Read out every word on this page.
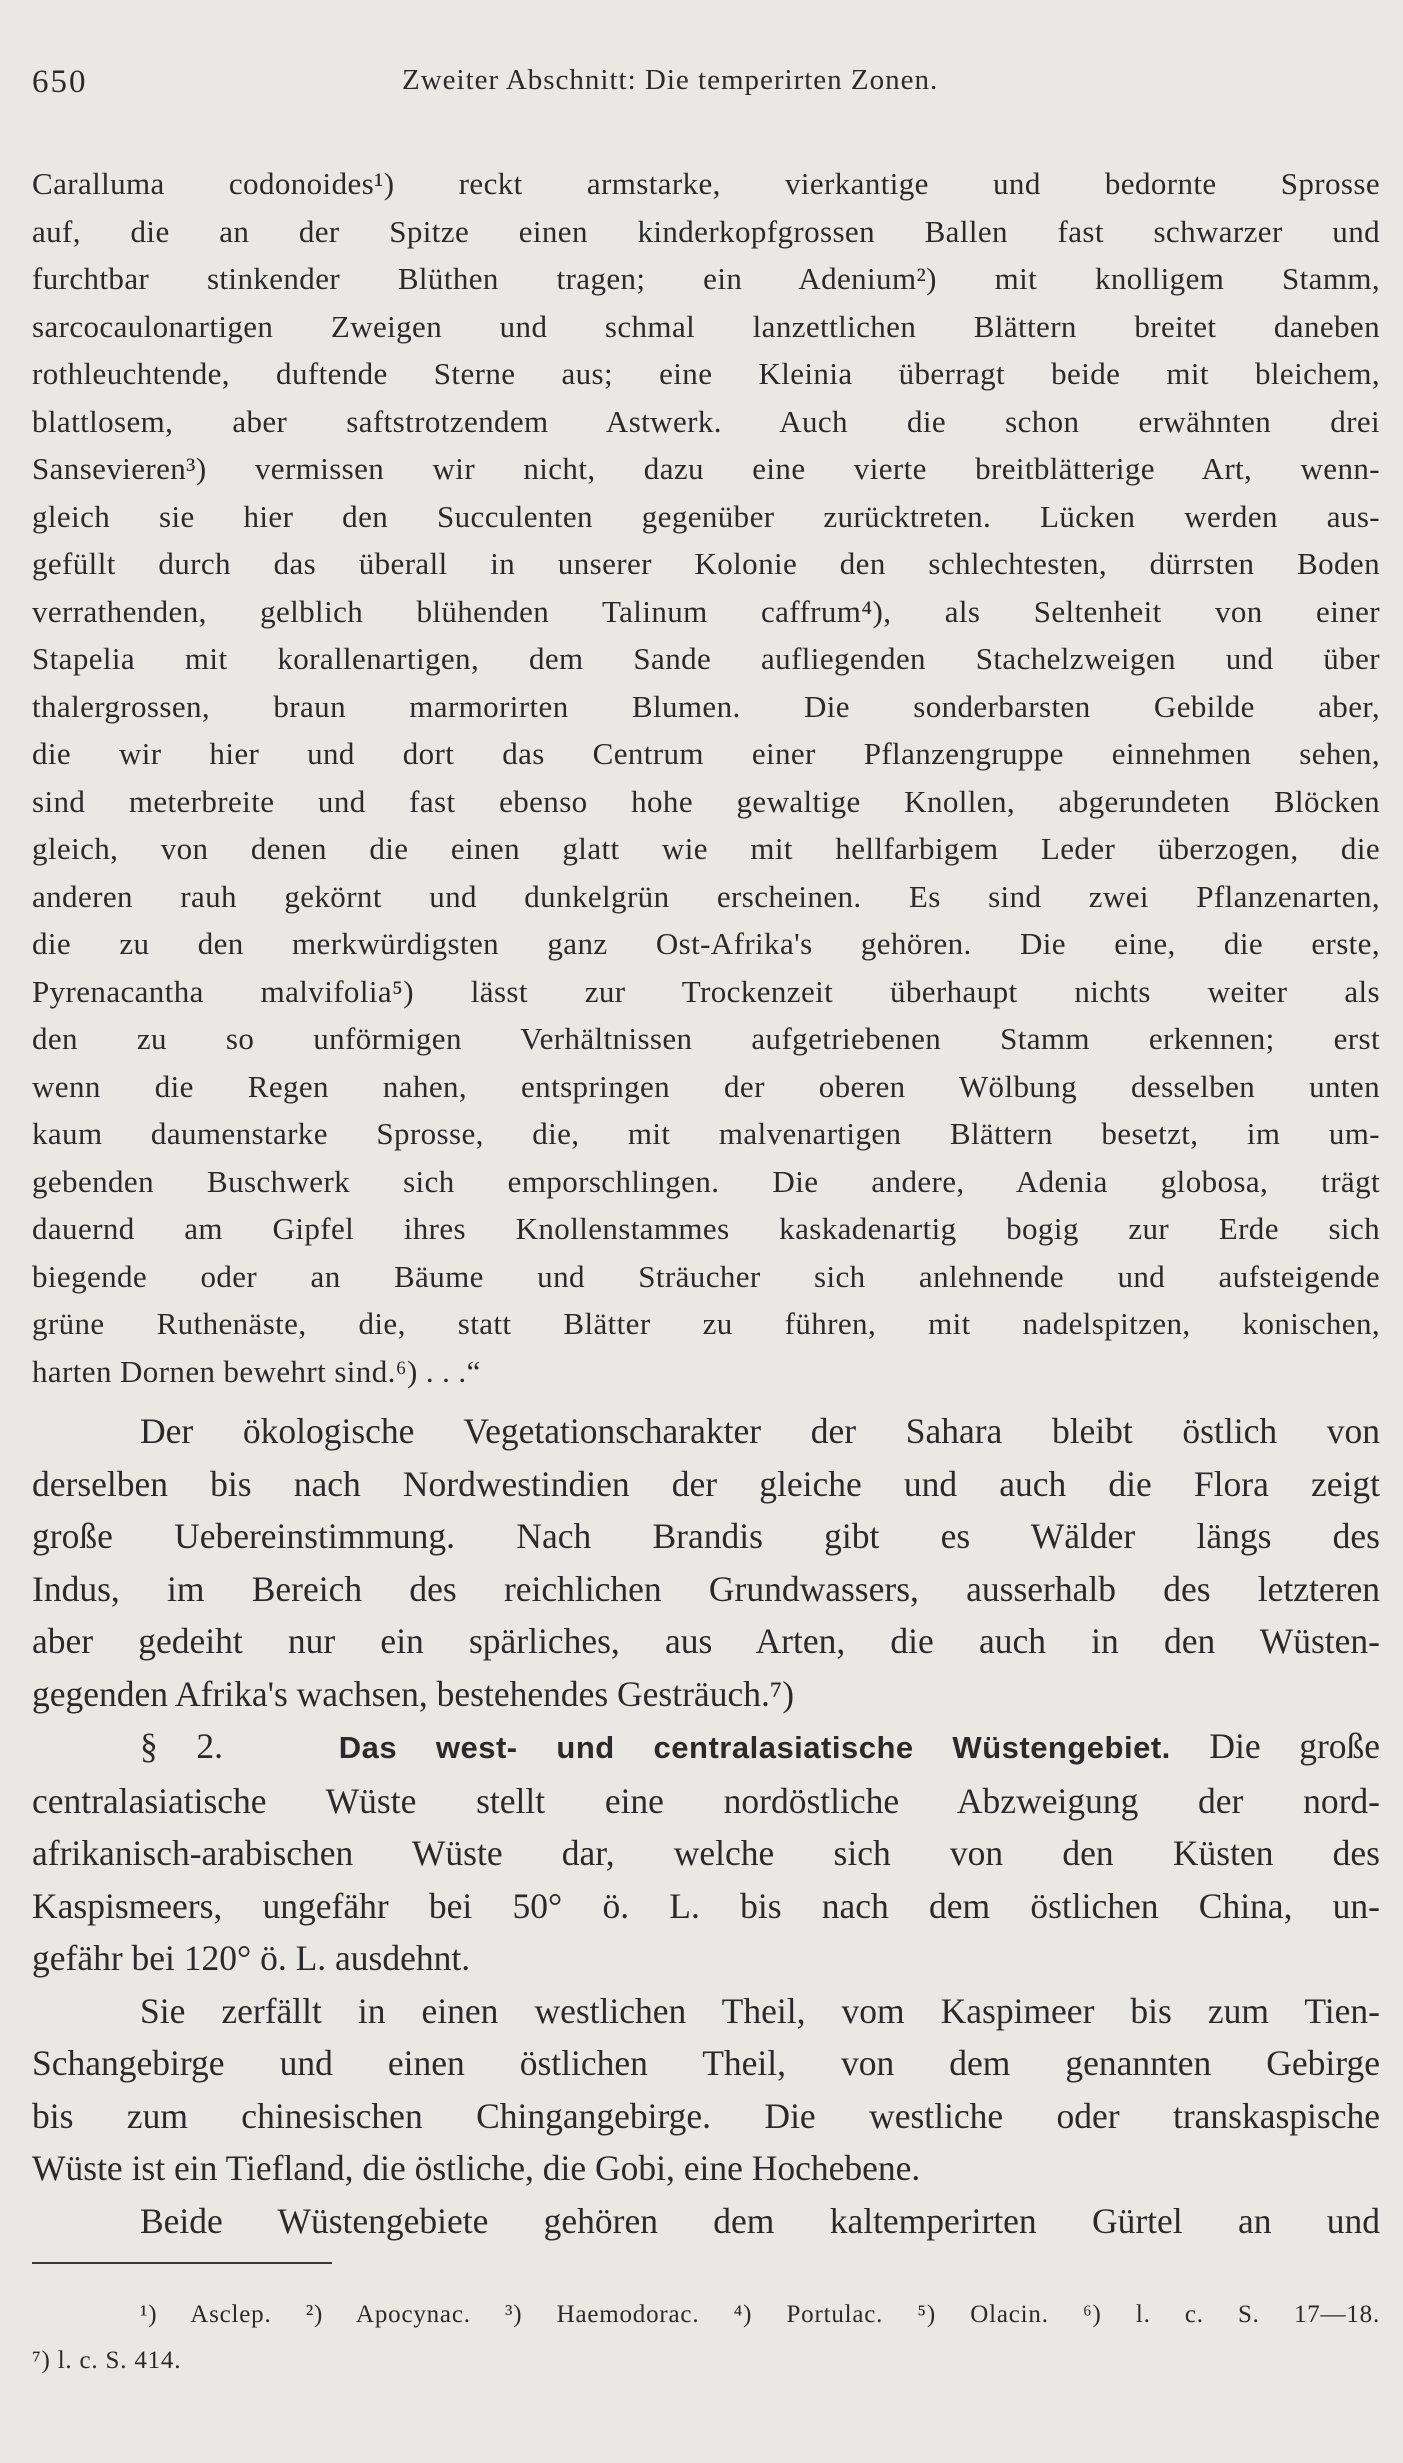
650	Zweiter Abschnitt: Die temperirten Zonen.
Caralluma codonoides¹) reckt armstarke, vierkantige und bedornte Sprosse
auf, die an der Spitze einen kinderkopfgrossen Ballen fast schwarzer und
furchtbar stinkender Blüthen tragen; ein Adenium²) mit knolligem Stamm,
sarcocaulonartigen Zweigen und schmal lanzettlichen Blättern breitet daneben
rothleuchtende, duftende Sterne aus; eine Kleinia überragt beide mit bleichem,
blattlosem, aber saftstrotzendem Astwerk. Auch die schon erwähnten drei
Sansevieren³) vermissen wir nicht, dazu eine vierte breitblätterige Art, wenn-
gleich sie hier den Succulenten gegenüber zurücktreten. Lücken werden aus-
gefüllt durch das überall in unserer Kolonie den schlechtesten, dürrsten Boden
verrathenden, gelblich blühenden Talinum caffrum⁴), als Seltenheit von einer
Stapelia mit korallenartigen, dem Sande aufliegenden Stachelzweigen und über
thalergrossen, braun marmorirten Blumen. Die sonderbarsten Gebilde aber,
die wir hier und dort das Centrum einer Pflanzengruppe einnehmen sehen,
sind meterbreite und fast ebenso hohe gewaltige Knollen, abgerundeten Blöcken
gleich, von denen die einen glatt wie mit hellfarbigem Leder überzogen, die
anderen rauh gekörnt und dunkelgrün erscheinen. Es sind zwei Pflanzenarten,
die zu den merkwürdigsten ganz Ost-Afrika's gehören. Die eine, die erste,
Pyrenacantha malvifolia⁵) lässt zur Trockenzeit überhaupt nichts weiter als
den zu so unförmigen Verhältnissen aufgetriebenen Stamm erkennen; erst
wenn die Regen nahen, entspringen der oberen Wölbung desselben unten
kaum daumenstarke Sprosse, die, mit malvenartigen Blättern besetzt, im um-
gebenden Buschwerk sich emporschlingen. Die andere, Adenia globosa, trägt
dauernd am Gipfel ihres Knollenstammes kaskadenartig bogig zur Erde sich
biegende oder an Bäume und Sträucher sich anlehnende und aufsteigende
grüne Ruthenäste, die, statt Blätter zu führen, mit nadelspitzen, konischen,
harten Dornen bewehrt sind.⁶) . . .“
Der ökologische Vegetationscharakter der Sahara bleibt östlich von
derselben bis nach Nordwestindien der gleiche und auch die Flora zeigt
große Uebereinstimmung. Nach Brandis gibt es Wälder längs des
Indus, im Bereich des reichlichen Grundwassers, ausserhalb des letzteren
aber gedeiht nur ein spärliches, aus Arten, die auch in den Wüsten-
gegenden Afrika's wachsen, bestehendes Gesträuch.⁷)
§ 2.	Das west- und centralasiatische Wüstengebiet. Die große
centralasiatische Wüste stellt eine nordöstliche Abzweigung der nord-
afrikanisch-arabischen Wüste dar, welche sich von den Küsten des
Kaspismeers, ungefähr bei 50° ö. L. bis nach dem östlichen China, un-
gefähr bei 120° ö. L. ausdehnt.
Sie zerfällt in einen westlichen Theil, vom Kaspimeer bis zum Tien-
Schangebirge und einen östlichen Theil, von dem genannten Gebirge
bis zum chinesischen Chingangebirge. Die westliche oder transkaspische
Wüste ist ein Tiefland, die östliche, die Gobi, eine Hochebene.
Beide Wüstengebiete gehören dem kaltemperirten Gürtel an und
¹) Asclep. ²) Apocynac. ³) Haemodorac. ⁴) Portulac. ⁵) Olacin. ⁶) l. c. S. 17—18.
⁷) l. c. S. 414.
